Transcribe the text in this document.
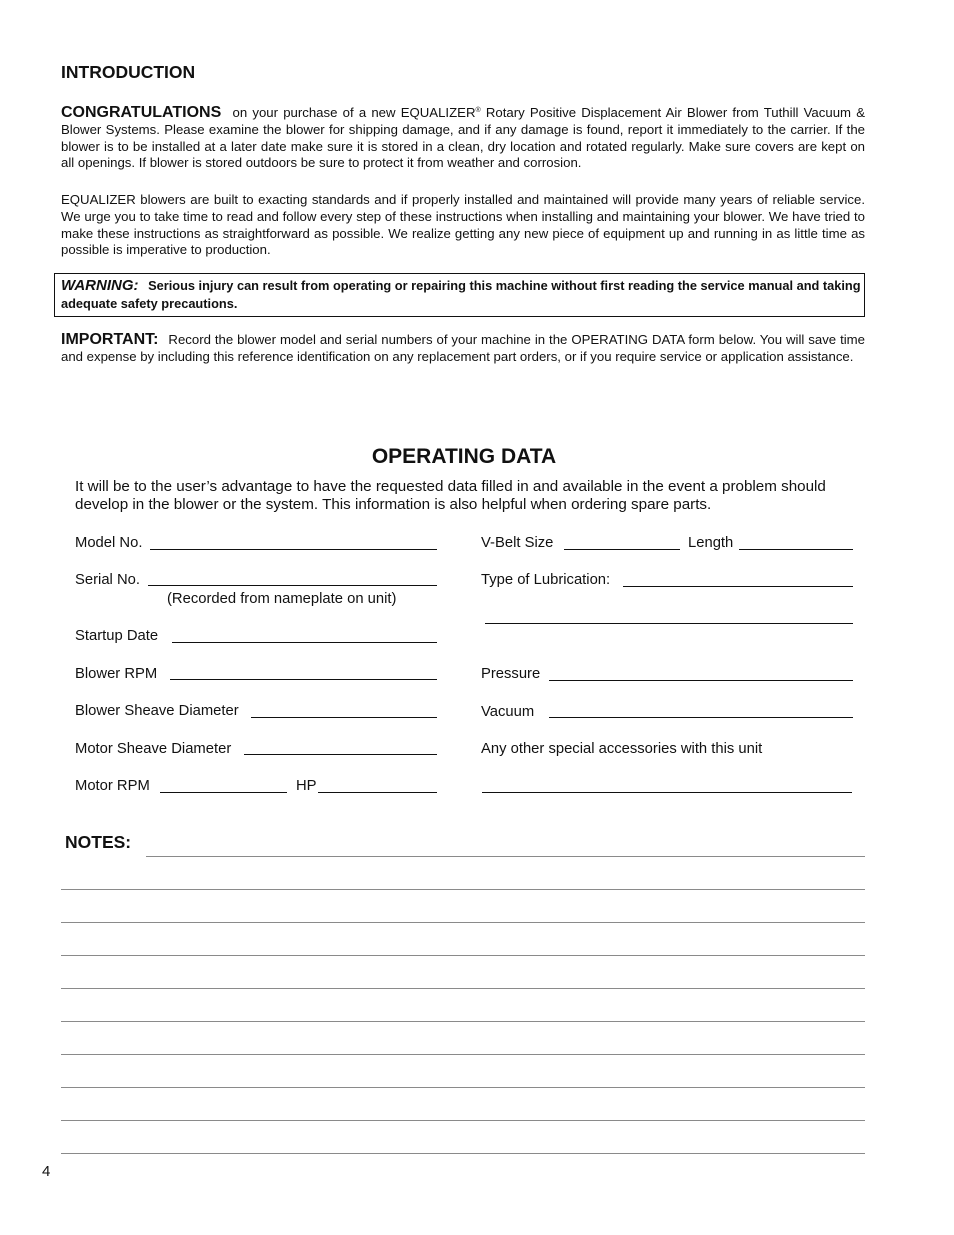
INTRODUCTION
CONGRATULATIONS on your purchase of a new EQUALIZER® Rotary Positive Displacement Air Blower from Tuthill Vacuum & Blower Systems. Please examine the blower for shipping damage, and if any damage is found, report it immediately to the carrier. If the blower is to be installed at a later date make sure it is stored in a clean, dry location and rotated regularly. Make sure covers are kept on all openings. If blower is stored outdoors be sure to protect it from weather and corrosion.
EQUALIZER blowers are built to exacting standards and if properly installed and maintained will provide many years of reliable service. We urge you to take time to read and follow every step of these instructions when installing and maintaining your blower. We have tried to make these instructions as straightforward as possible. We realize getting any new piece of equipment up and running in as little time as possible is imperative to production.
WARNING: Serious injury can result from operating or repairing this machine without first reading the service manual and taking adequate safety precautions.
IMPORTANT: Record the blower model and serial numbers of your machine in the OPERATING DATA form below. You will save time and expense by including this reference identification on any replacement part orders, or if you require service or application assistance.
OPERATING DATA
It will be to the user’s advantage to have the requested data filled in and available in the event a problem should develop in the blower or the system. This information is also helpful when ordering spare parts.
Model No.
Serial No.
(Recorded from nameplate on unit)
Startup Date
Blower RPM
Blower Sheave Diameter
Motor Sheave Diameter
Motor RPM	HP
V-Belt Size	Length
Type of Lubrication:
Pressure
Vacuum
Any other special accessories with this unit
NOTES:
4
